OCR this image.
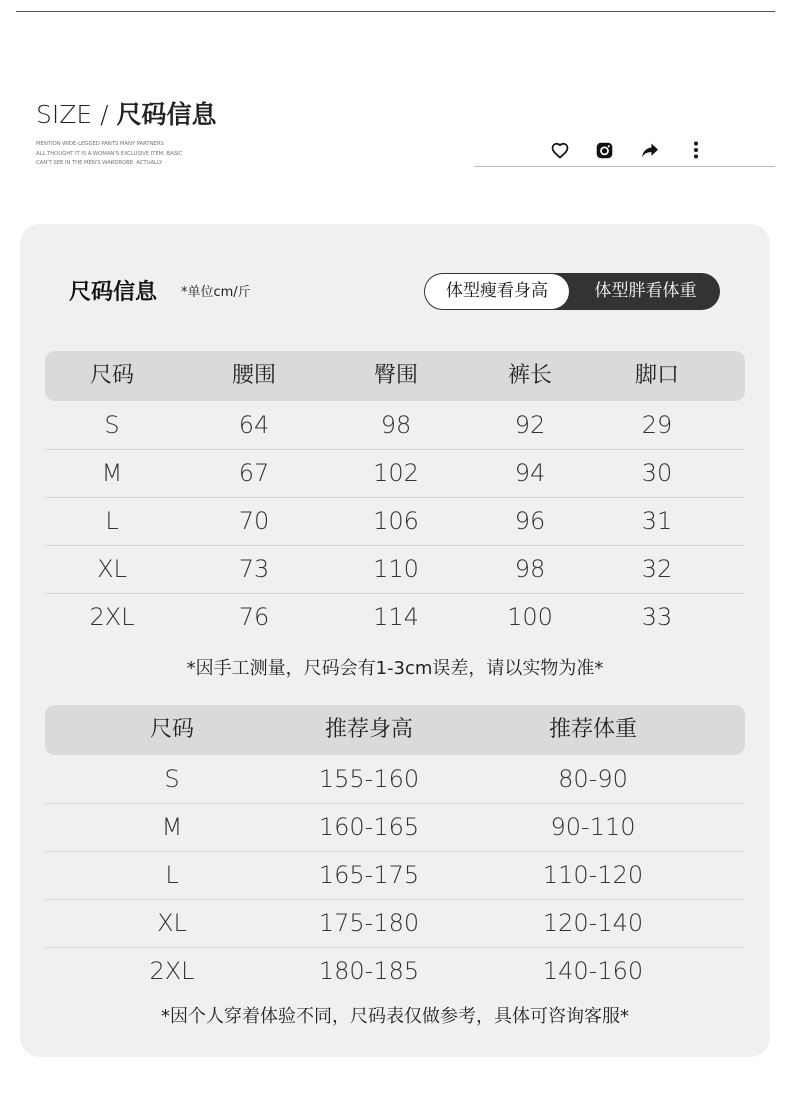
SIZE / 尺码信息
MENTION WIDE-LEGGED PANTS MANY PARTNERS
ALL THOUGHT IT IS A WOMAN'S EXCLUSIVE ITEM, BASIC
CAN'T SEE IN THE MEN'S WARDROBE. ACTUALLY
尺码信息 *单位cm/斤	体型瘦看身高	体型胖看体重
尺码	腰围	臀围	裤长	脚口
S	64	98	92	29
M	67	102	94	30
L	70	106	96	31
XL	73	110	98	32
2XL	76	114	100	33
*因手工测量，尺码会有1-3cm误差，请以实物为准*
尺码	推荐身高	推荐体重
S	155-160	80-90
M	160-165	90-110
L	165-175	110-120
XL	175-180	120-140
2XL	180-185	140-160
*因个人穿着体验不同，尺码表仅做参考，具体可咨询客服*
